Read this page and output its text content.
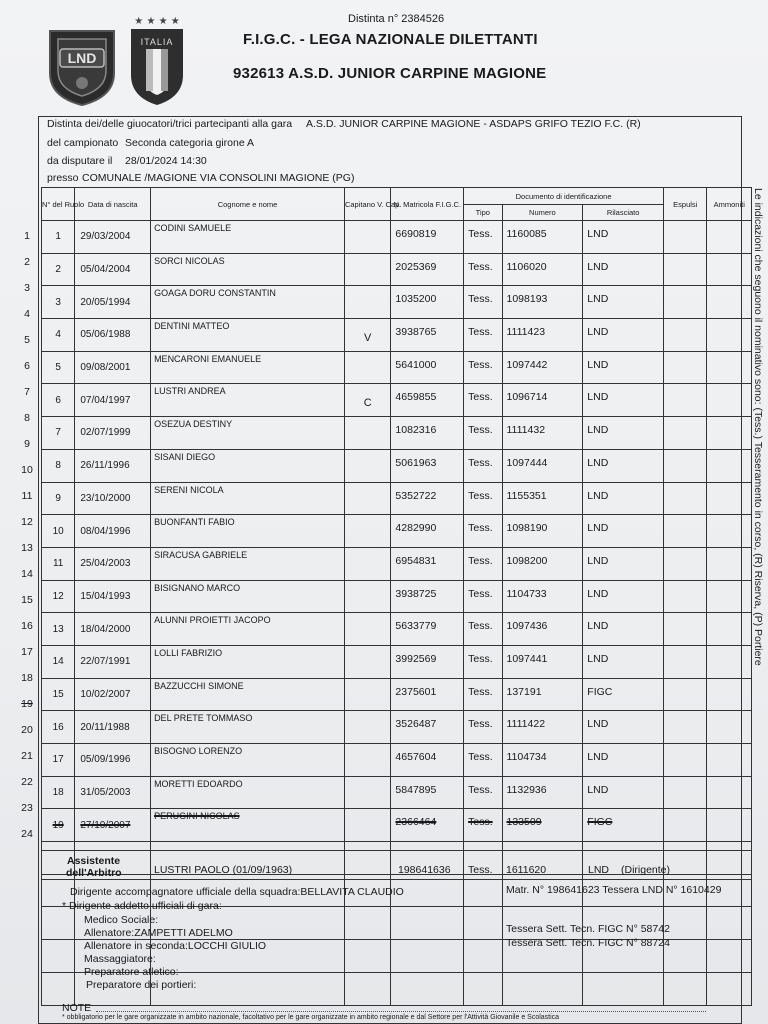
LND
★ ★ ★ ★
ITALIA
Distinta n° 2384526
F.I.G.C. - LEGA NAZIONALE DILETTANTI
932613 A.S.D. JUNIOR CARPINE MAGIONE
Le indicazioni che seguono il nominativo sono: (Tess.) Tesseramento in corso, (R) Riserva, (P) Portiere
Distinta dei/delle giuocatori/trici partecipanti alla gara A.S.D. JUNIOR CARPINE MAGIONE - ASDAPS GRIFO TEZIO F.C. (R)
del campionato Seconda categoria girone A
da disputare il 28/01/2024 14:30
presso COMUNALE /MAGIONE VIA CONSOLINI MAGIONE (PG)
1
2
3
4
5
6
7
8
9
10
11
12
13
14
15
16
17
18
19
20
21
22
23
24
N° del Ruolo	Data di nascita	Cognome e nome	Capitano V. Cap.	N. Matricola F.I.G.C.	Documento di identificazione			Espulsi	Ammoniti
					Tipo	Numero	Rilasciato		
1	29/03/2004	CODINI SAMUELE		6690819	Tess.	1160085	LND		
2	05/04/2004	SORCI NICOLAS		2025369	Tess.	1106020	LND		
3	20/05/1994	GOAGA DORU CONSTANTIN		1035200	Tess.	1098193	LND		
4	05/06/1988	DENTINI MATTEO	V	3938765	Tess.	1111423	LND		
5	09/08/2001	MENCARONI EMANUELE		5641000	Tess.	1097442	LND		
6	07/04/1997	LUSTRI ANDREA	C	4659855	Tess.	1096714	LND		
7	02/07/1999	OSEZUA DESTINY		1082316	Tess.	1111432	LND		
8	26/11/1996	SISANI DIEGO		5061963	Tess.	1097444	LND		
9	23/10/2000	SERENI NICOLA		5352722	Tess.	1155351	LND		
10	08/04/1996	BUONFANTI FABIO		4282990	Tess.	1098190	LND		
11	25/04/2003	SIRACUSA GABRIELE		6954831	Tess.	1098200	LND		
12	15/04/1993	BISIGNANO MARCO		3938725	Tess.	1104733	LND		
13	18/04/2000	ALUNNI PROIETTI JACOPO		5633779	Tess.	1097436	LND		
14	22/07/1991	LOLLI FABRIZIO		3992569	Tess.	1097441	LND		
15	10/02/2007	BAZZUCCHI SIMONE		2375601	Tess.	137191	FIGC		
16	20/11/1988	DEL PRETE TOMMASO		3526487	Tess.	1111422	LND		
17	05/09/1996	BISOGNO LORENZO		4657604	Tess.	1104734	LND		
18	31/05/2003	MORETTI EDOARDO		5847895	Tess.	1132936	LND		
19	27/10/2007	PERUGINI NICOLAS		2366464	Tess.	133509	FIGC		

Assistente
dell'Arbitro	LUSTRI PAOLO (01/09/1963)	198641636 Tess. 1611620	LND (Dirigente)
Dirigente accompagnatore ufficiale della squadra:BELLAVITA CLAUDIO	Matr. N° 198641623 Tessera LND N° 1610429
* Dirigente addetto ufficiali di gara:
Medico Sociale:
Allenatore:ZAMPETTI ADELMO	Tessera Sett. Tecn. FIGC N° 58742
Allenatore in seconda:LOCCHI GIULIO	Tessera Sett. Tecn. FIGC N° 88724
Massaggiatore:
Preparatore atletico:
Preparatore dei portieri:
NOTE
* obbligatorio per le gare organizzate in ambito nazionale, facoltativo per le gare organizzate in ambito regionale e dal Settore per l'Attività Giovanile e Scolastica
